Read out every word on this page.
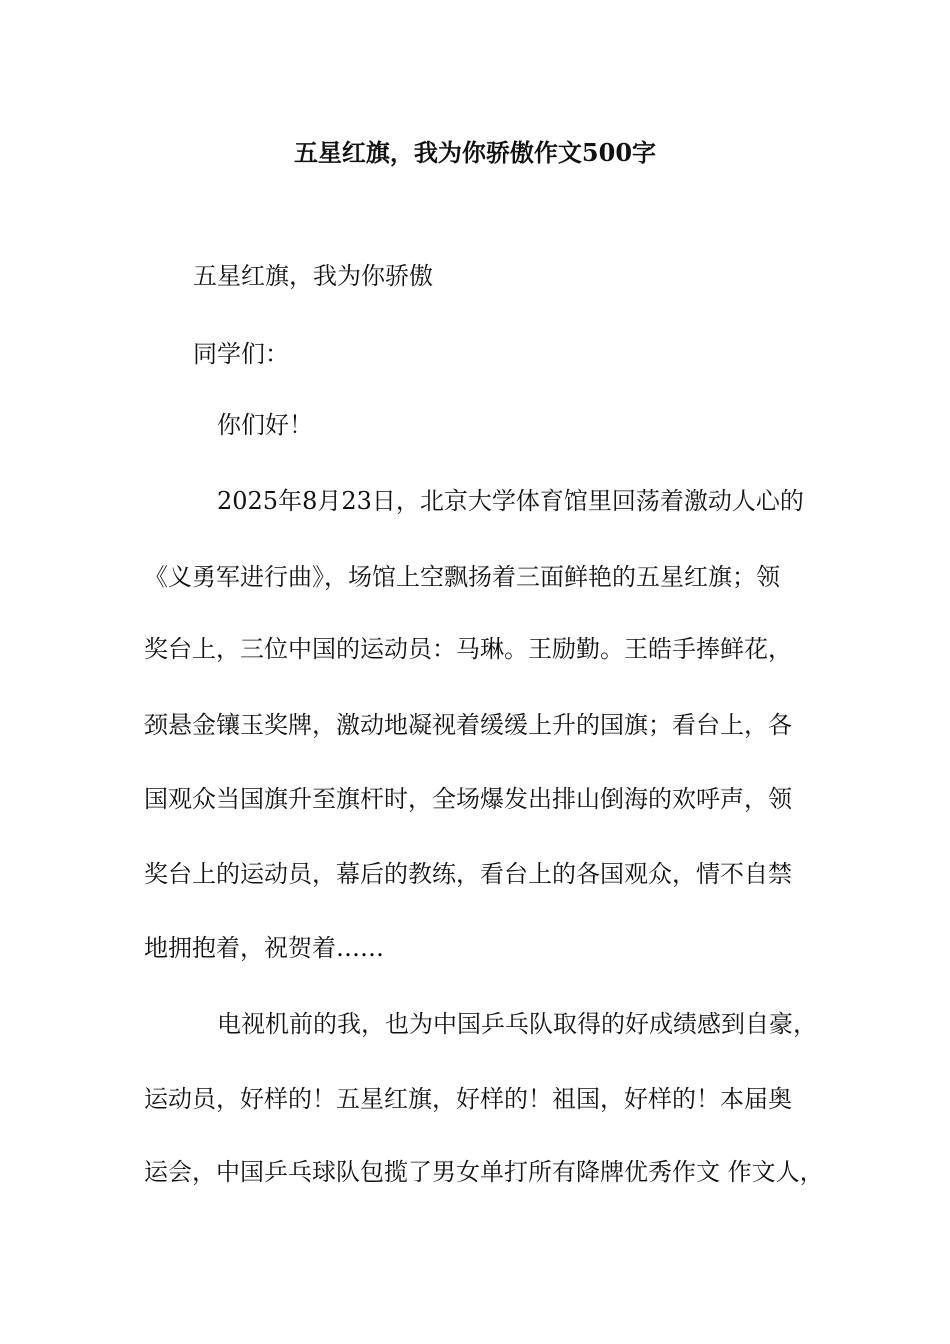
五星红旗，我为你骄傲作文500字
五星红旗，我为你骄傲
同学们：
你们好！
2025年8月23日，北京大学体育馆里回荡着激动人心的
《义勇军进行曲》，场馆上空飘扬着三面鲜艳的五星红旗；领
奖台上，三位中国的运动员：马琳。王励勤。王皓手捧鲜花，
颈悬金镶玉奖牌，激动地凝视着缓缓上升的国旗；看台上，各
国观众当国旗升至旗杆时，全场爆发出排山倒海的欢呼声，领
奖台上的运动员，幕后的教练，看台上的各国观众，情不自禁
地拥抱着，祝贺着……
电视机前的我，也为中国乒乓队取得的好成绩感到自豪，
运动员，好样的！五星红旗，好样的！祖国，好样的！本届奥
运会，中国乒乓球队包揽了男女单打所有降牌优秀作文 作文人，
